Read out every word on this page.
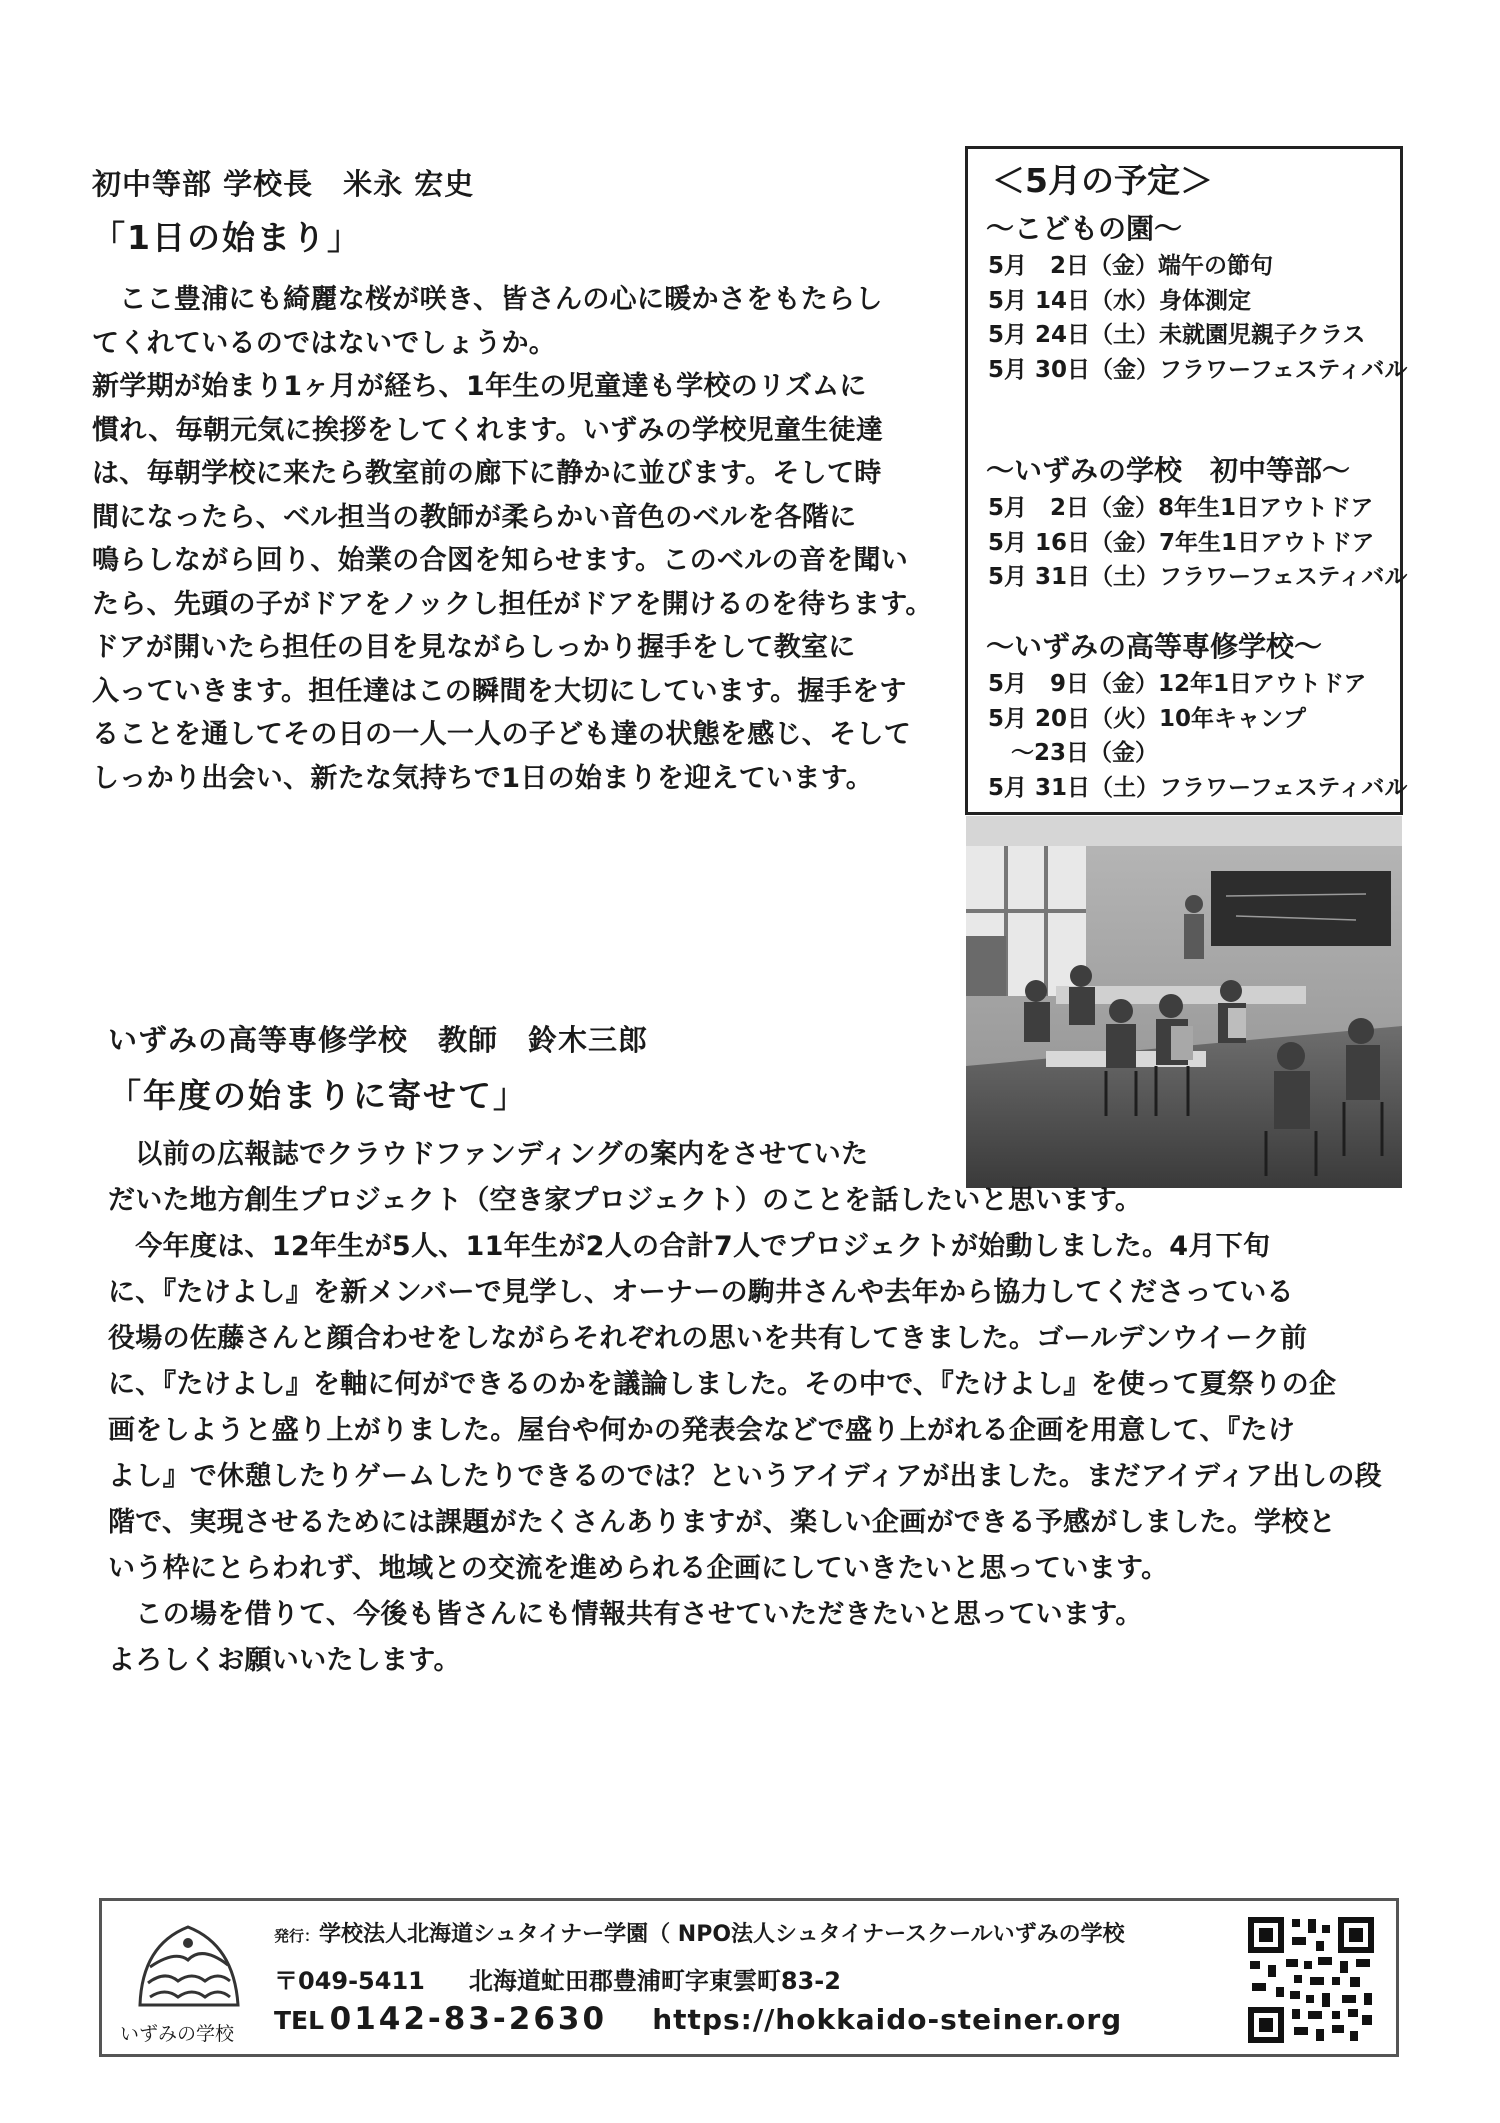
初中等部 学校長　米永 宏史
「1日の始まり」

　ここ豊浦にも綺麗な桜が咲き、皆さんの心に暖かさをもたらし

てくれているのではないでしょうか。

新学期が始まり1ヶ月が経ち、1年生の児童達も学校のリズムに

慣れ、毎朝元気に挨拶をしてくれます。いずみの学校児童生徒達

は、毎朝学校に来たら教室前の廊下に静かに並びます。そして時

間になったら、ベル担当の教師が柔らかい音色のベルを各階に

鳴らしながら回り、始業の合図を知らせます。このベルの音を聞い

たら、先頭の子がドアをノックし担任がドアを開けるのを待ちます。

ドアが開いたら担任の目を見ながらしっかり握手をして教室に

入っていきます。担任達はこの瞬間を大切にしています。握手をす

ることを通してその日の一人一人の子ども達の状態を感じ、そして

しっかり出会い、新たな気持ちで1日の始まりを迎えています。

＜5月の予定＞
～こどもの園～
5月　2日（金）端午の節句
5月 14日（水）身体測定
5月 24日（土）未就園児親子クラス
5月 30日（金）フラワーフェスティバル
～いずみの学校　初中等部～
5月　2日（金）8年生1日アウトドア
5月 16日（金）7年生1日アウトドア
5月 31日（土）フラワーフェスティバル
～いずみの高等専修学校～
5月　9日（金）12年1日アウトドア
5月 20日（火）10年キャンプ
　～23日（金）
5月 31日（土）フラワーフェスティバル
いずみの高等専修学校　教師　鈴木三郎
「年度の始まりに寄せて」

　以前の広報誌でクラウドファンディングの案内をさせていた

だいた地方創生プロジェクト（空き家プロジェクト）のことを話したいと思います。

　今年度は、12年生が5人、11年生が2人の合計7人でプロジェクトが始動しました。4月下旬

に、『たけよし』を新メンバーで見学し、オーナーの駒井さんや去年から協力してくださっている

役場の佐藤さんと顔合わせをしながらそれぞれの思いを共有してきました。ゴールデンウイーク前

に、『たけよし』を軸に何ができるのかを議論しました。その中で、『たけよし』を使って夏祭りの企

画をしようと盛り上がりました。屋台や何かの発表会などで盛り上がれる企画を用意して、『たけ

よし』で休憩したりゲームしたりできるのでは？というアイディアが出ました。まだアイディア出しの段

階で、実現させるためには課題がたくさんありますが、楽しい企画ができる予感がしました。学校と

いう枠にとらわれず、地域との交流を進められる企画にしていきたいと思っています。

　この場を借りて、今後も皆さんにも情報共有させていただきたいと思っています。

よろしくお願いいたします。

いずみの学校
発行：学校法人北海道シュタイナー学園（ NPO法人シュタイナースクールいずみの学校
〒049-5411 北海道虻田郡豊浦町字東雲町83-2
TEL 0142-83-2630 https://hokkaido-steiner.org
